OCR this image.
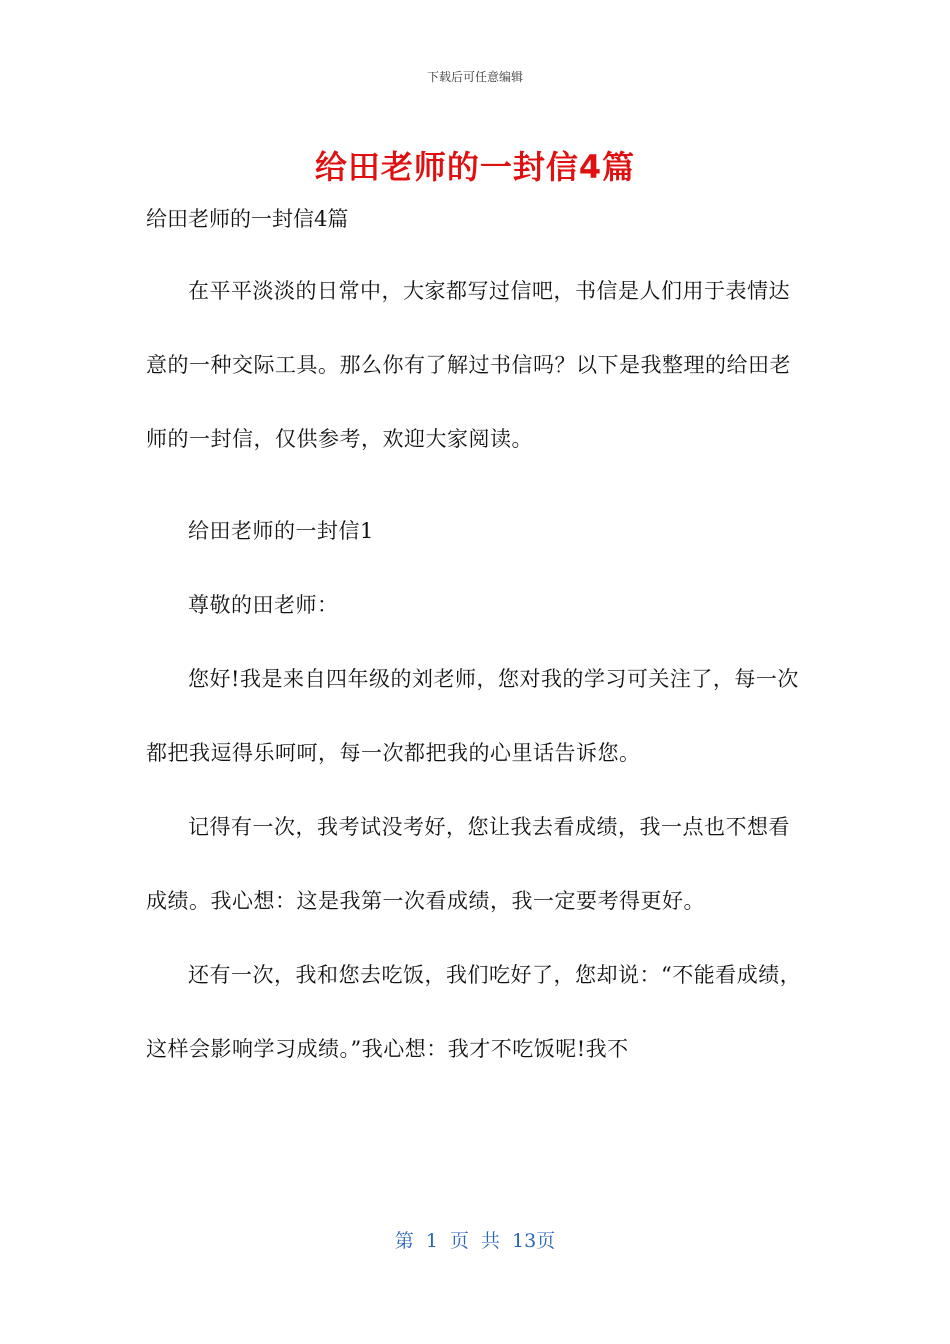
下载后可任意编辑
给田老师的一封信4篇
给田老师的一封信4篇
在平平淡淡的日常中，大家都写过信吧，书信是人们用于表情达意的一种交际工具。那么你有了解过书信吗？以下是我整理的给田老师的一封信，仅供参考，欢迎大家阅读。
给田老师的一封信1
尊敬的田老师：
您好!我是来自四年级的刘老师，您对我的学习可关注了，每一次都把我逗得乐呵呵，每一次都把我的心里话告诉您。
记得有一次，我考试没考好，您让我去看成绩，我一点也不想看成绩。我心想：这是我第一次看成绩，我一定要考得更好。
还有一次，我和您去吃饭，我们吃好了，您却说：“不能看成绩，这样会影响学习成绩。”我心想：我才不吃饭呢!我不
第 1 页 共 13页
